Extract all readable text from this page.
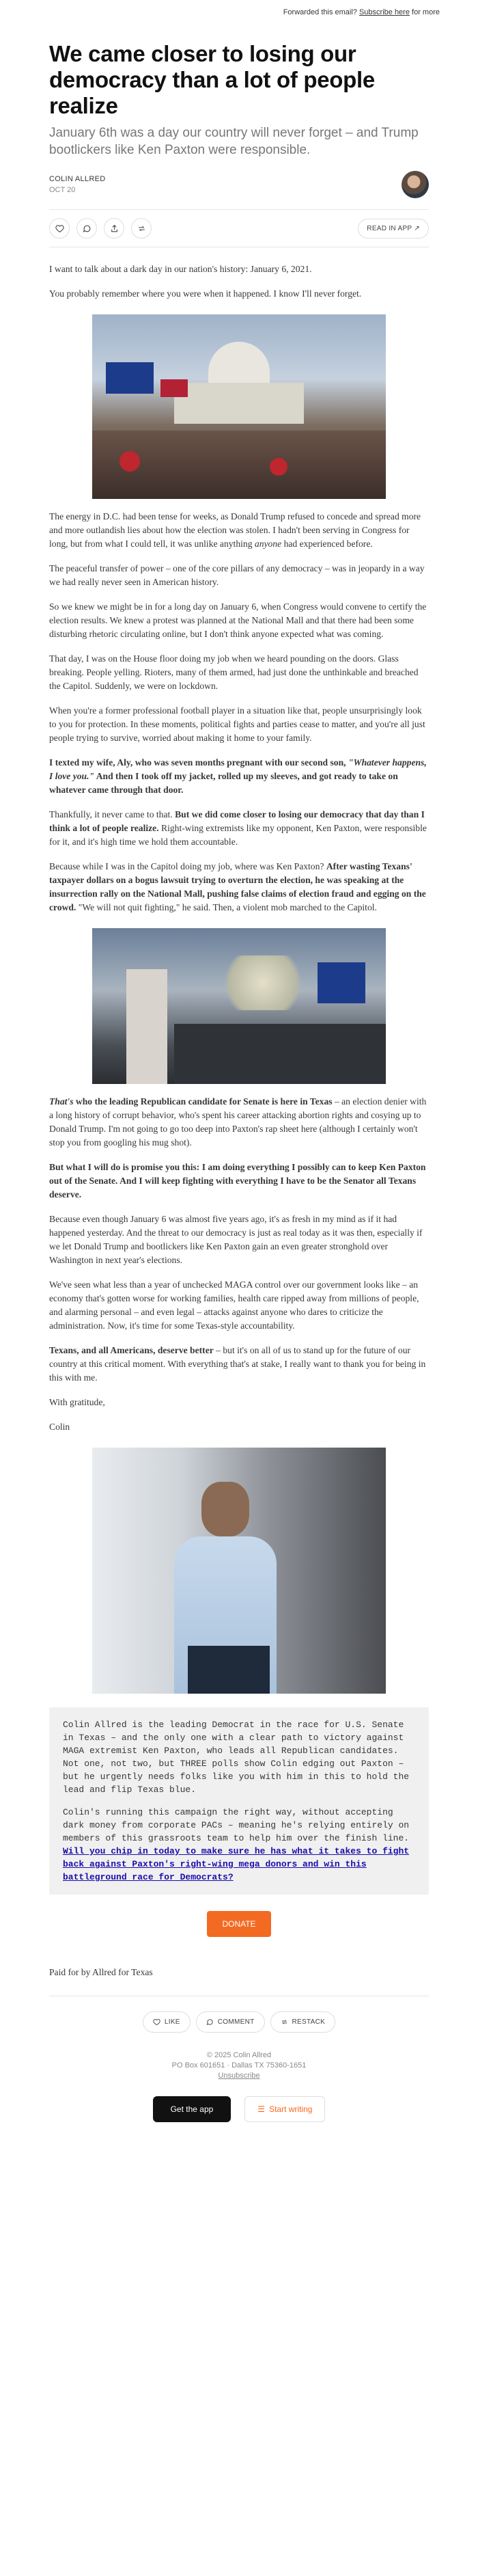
Forwarded this email? Subscribe here for more
We came closer to losing our democracy than a lot of people realize
January 6th was a day our country will never forget – and Trump bootlickers like Ken Paxton were responsible.
COLIN ALLRED
OCT 20
READ IN APP ↗

I want to talk about a dark day in our nation's history: January 6, 2021.

You probably remember where you were when it happened. I know I'll never forget.

The energy in D.C. had been tense for weeks, as Donald Trump refused to concede and spread more and more outlandish lies about how the election was stolen. I hadn't been serving in Congress for long, but from what I could tell, it was unlike anything anyone had experienced before.

The peaceful transfer of power – one of the core pillars of any democracy – was in jeopardy in a way we had really never seen in American history.

So we knew we might be in for a long day on January 6, when Congress would convene to certify the election results. We knew a protest was planned at the National Mall and that there had been some disturbing rhetoric circulating online, but I don't think anyone expected what was coming.

That day, I was on the House floor doing my job when we heard pounding on the doors. Glass breaking. People yelling. Rioters, many of them armed, had just done the unthinkable and breached the Capitol. Suddenly, we were on lockdown.

When you're a former professional football player in a situation like that, people unsurprisingly look to you for protection. In these moments, political fights and parties cease to matter, and you're all just people trying to survive, worried about making it home to your family.

I texted my wife, Aly, who was seven months pregnant with our second son, "Whatever happens, I love you." And then I took off my jacket, rolled up my sleeves, and got ready to take on whatever came through that door.

Thankfully, it never came to that. But we did come closer to losing our democracy that day than I think a lot of people realize. Right-wing extremists like my opponent, Ken Paxton, were responsible for it, and it's high time we hold them accountable.

Because while I was in the Capitol doing my job, where was Ken Paxton? After wasting Texans' taxpayer dollars on a bogus lawsuit trying to overturn the election, he was speaking at the insurrection rally on the National Mall, pushing false claims of election fraud and egging on the crowd. "We will not quit fighting," he said. Then, a violent mob marched to the Capitol.

That's who the leading Republican candidate for Senate is here in Texas – an election denier with a long history of corrupt behavior, who's spent his career attacking abortion rights and cosying up to Donald Trump. I'm not going to go too deep into Paxton's rap sheet here (although I certainly won't stop you from googling his mug shot).

But what I will do is promise you this: I am doing everything I possibly can to keep Ken Paxton out of the Senate. And I will keep fighting with everything I have to be the Senator all Texans deserve.

Because even though January 6 was almost five years ago, it's as fresh in my mind as if it had happened yesterday. And the threat to our democracy is just as real today as it was then, especially if we let Donald Trump and bootlickers like Ken Paxton gain an even greater stronghold over Washington in next year's elections.

We've seen what less than a year of unchecked MAGA control over our government looks like – an economy that's gotten worse for working families, health care ripped away from millions of people, and alarming personal – and even legal – attacks against anyone who dares to criticize the administration. Now, it's time for some Texas-style accountability.

Texans, and all Americans, deserve better – but it's on all of us to stand up for the future of our country at this critical moment. With everything that's at stake, I really want to thank you for being in this with me.

With gratitude,

Colin

Colin Allred is the leading Democrat in the race for U.S. Senate in Texas – and the only one with a clear path to victory against MAGA extremist Ken Paxton, who leads all Republican candidates. Not one, not two, but THREE polls show Colin edging out Paxton – but he urgently needs folks like you with him in this to hold the lead and flip Texas blue.

Colin's running this campaign the right way, without accepting dark money from corporate PACs – meaning he's relying entirely on members of this grassroots team to help him over the finish line. Will you chip in today to make sure he has what it takes to fight back against Paxton's right-wing mega donors and win this battleground race for Democrats?

DONATE
Paid for by Allred for Texas
LIKE	COMMENT	RESTACK
© 2025 Colin Allred
PO Box 601651 · Dallas TX 75360-1651
Unsubscribe
Get the app	☰ Start writing
